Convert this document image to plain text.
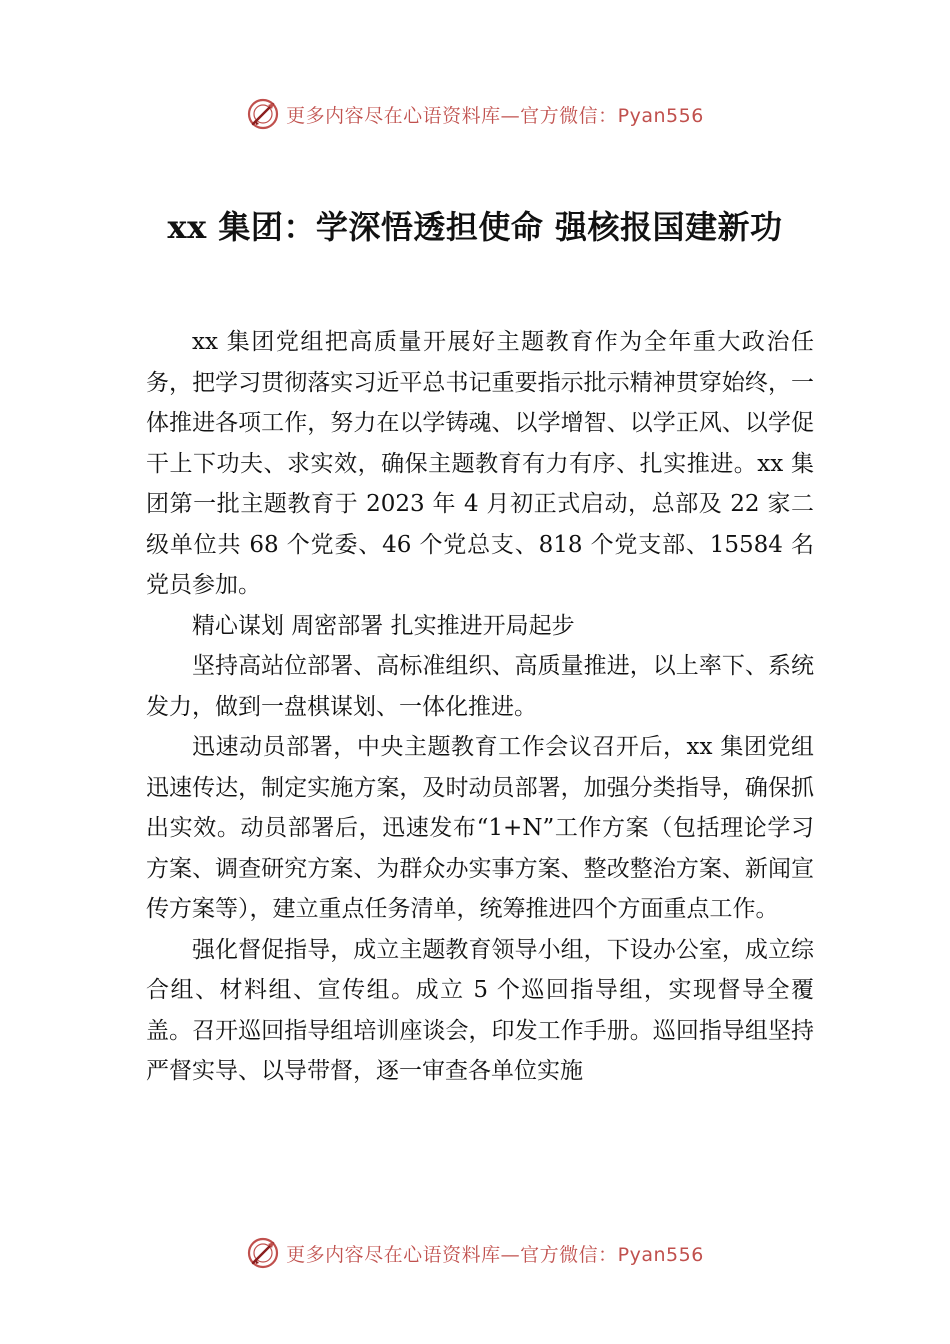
更多内容尽在心语资料库—官方微信：Pyan556
xx 集团：学深悟透担使命 强核报国建新功

xx 集团党组把高质量开展好主题教育作为全年重大政治任务，把学习贯彻落实习近平总书记重要指示批示精神贯穿始终，一体推进各项工作，努力在以学铸魂、以学增智、以学正风、以学促干上下功夫、求实效，确保主题教育有力有序、扎实推进。xx 集团第一批主题教育于 2023 年 4 月初正式启动，总部及 22 家二级单位共 68 个党委、46 个党总支、818 个党支部、15584 名党员参加。

精心谋划 周密部署 扎实推进开局起步

坚持高站位部署、高标准组织、高质量推进，以上率下、系统发力，做到一盘棋谋划、一体化推进。

迅速动员部署，中央主题教育工作会议召开后，xx 集团党组迅速传达，制定实施方案，及时动员部署，加强分类指导，确保抓出实效。动员部署后，迅速发布“1+N”工作方案（包括理论学习方案、调查研究方案、为群众办实事方案、整改整治方案、新闻宣传方案等），建立重点任务清单，统筹推进四个方面重点工作。

强化督促指导，成立主题教育领导小组，下设办公室，成立综合组、材料组、宣传组。成立 5 个巡回指导组，实现督导全覆盖。召开巡回指导组培训座谈会，印发工作手册。巡回指导组坚持严督实导、以导带督，逐一审查各单位实施

更多内容尽在心语资料库—官方微信：Pyan556
